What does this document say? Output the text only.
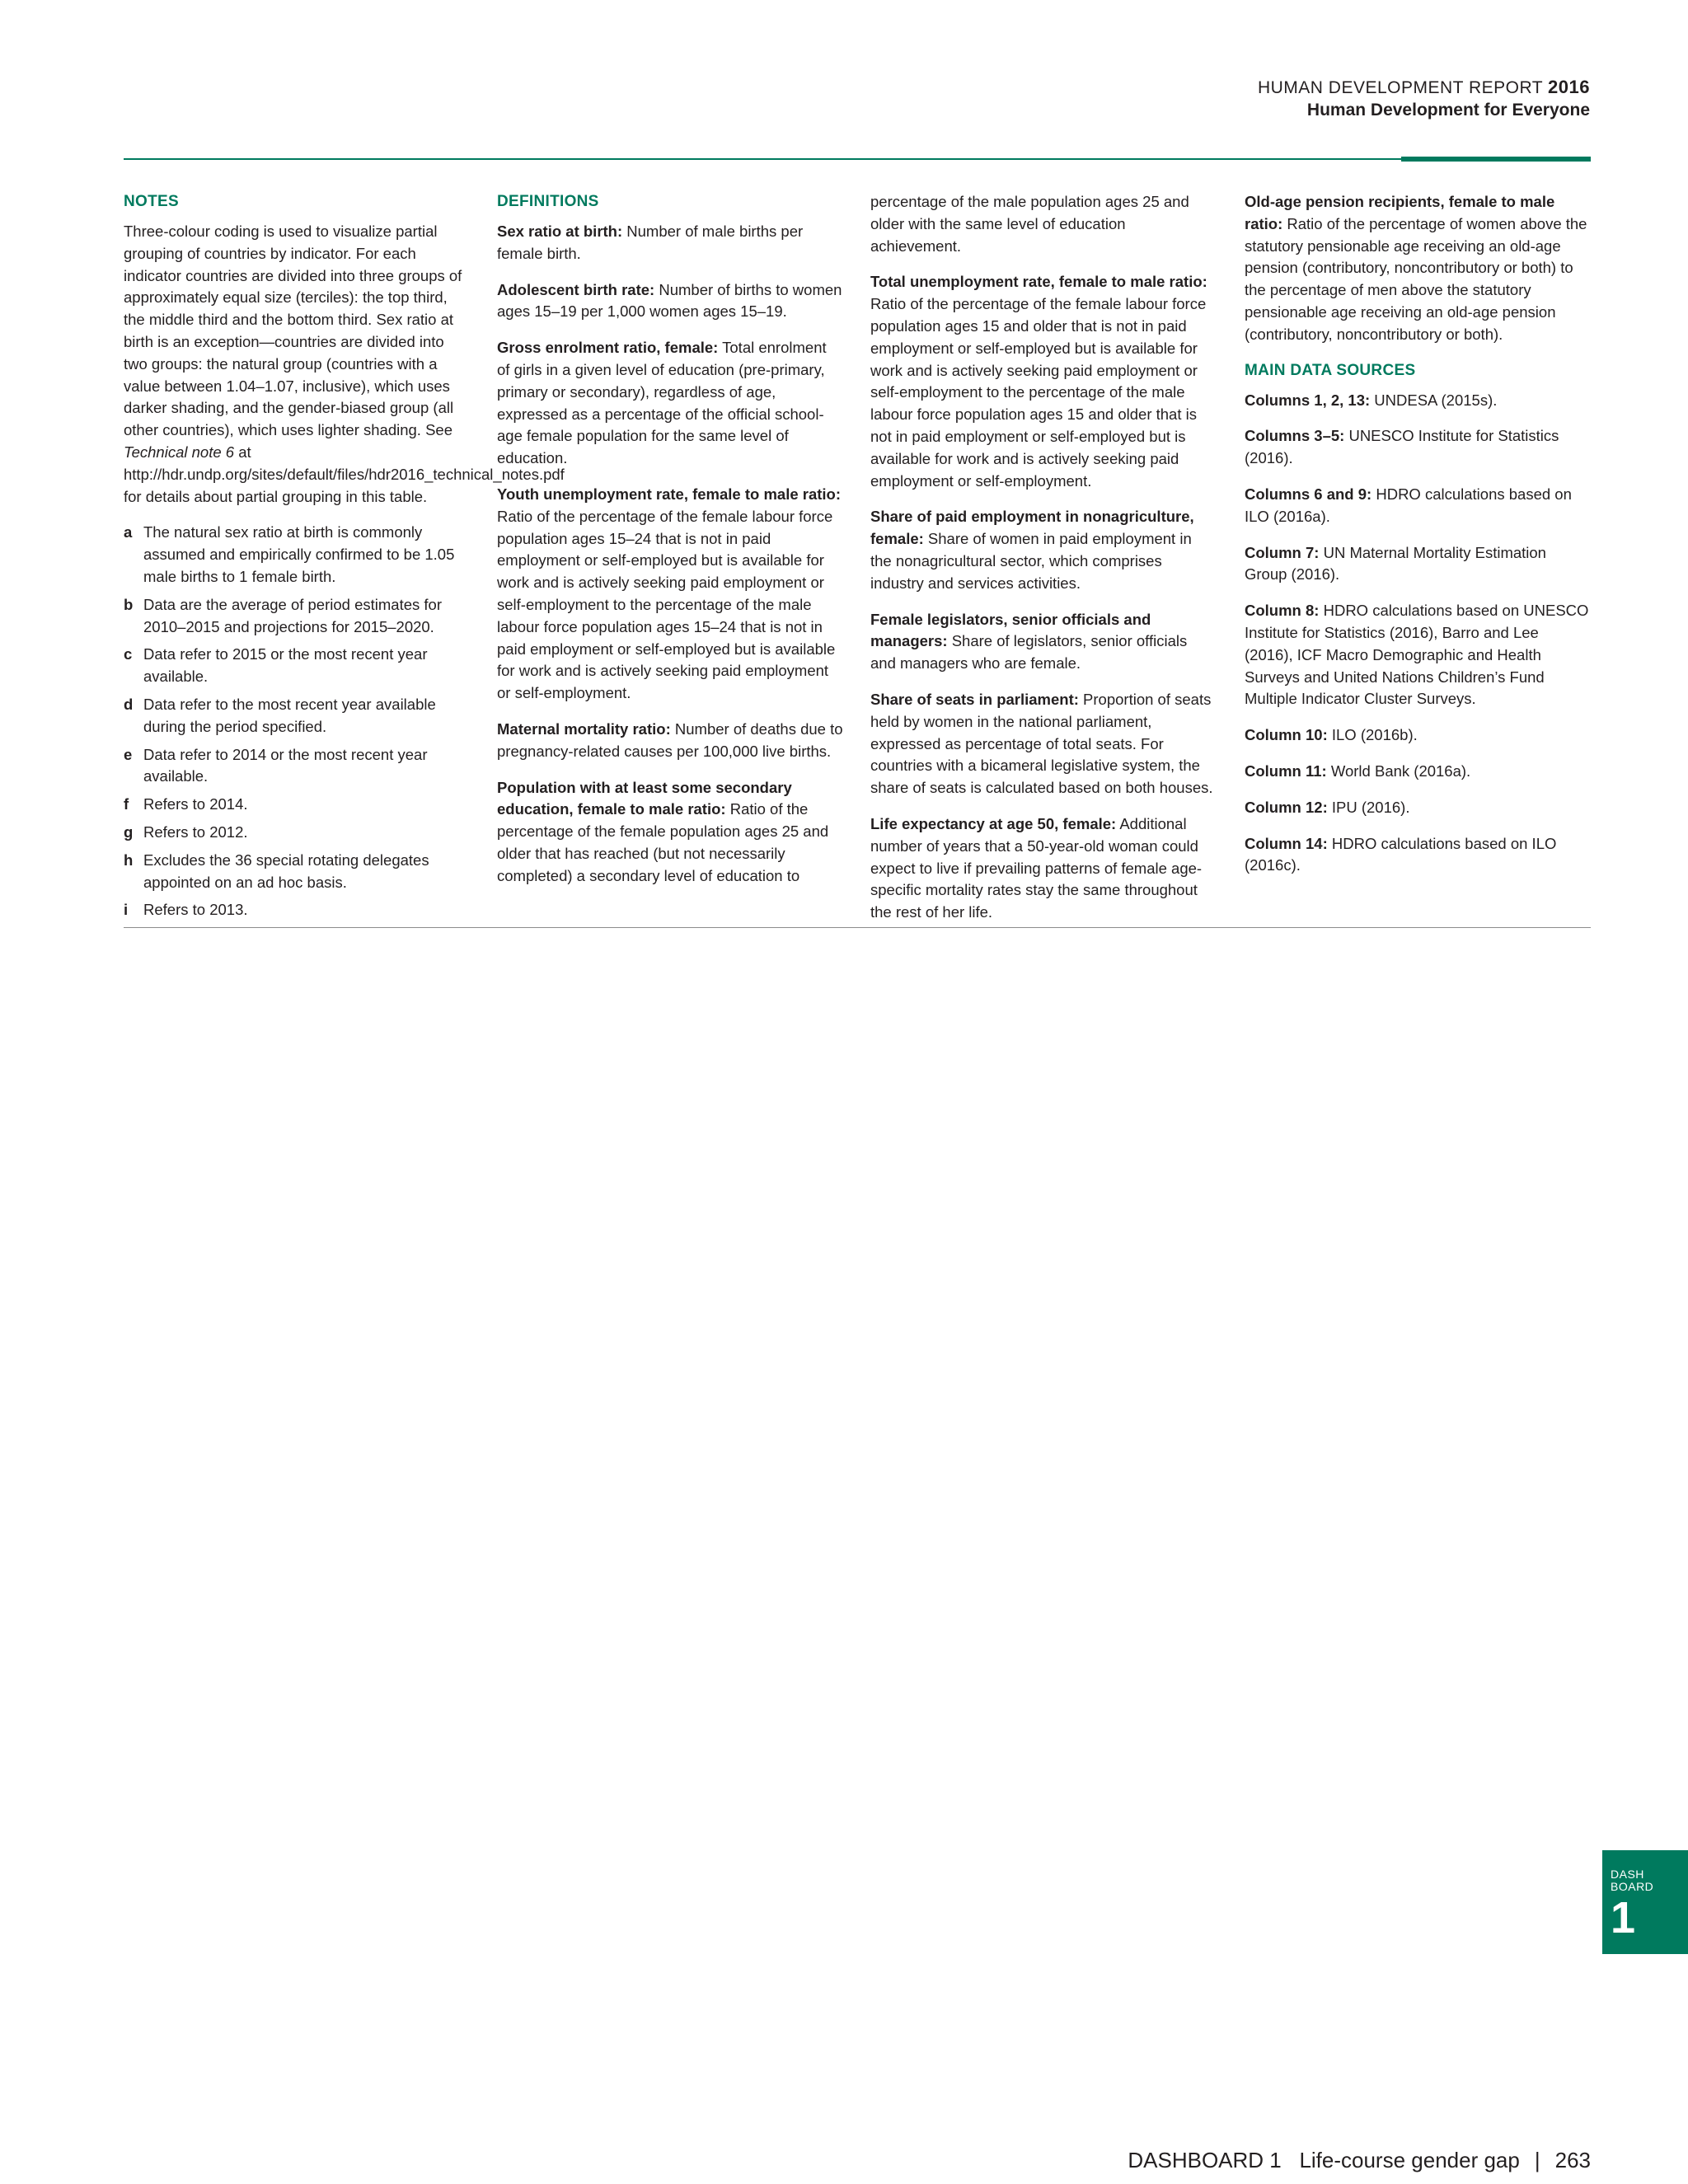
HUMAN DEVELOPMENT REPORT 2016
Human Development for Everyone
NOTES
Three-colour coding is used to visualize partial grouping of countries by indicator. For each indicator countries are divided into three groups of approximately equal size (terciles): the top third, the middle third and the bottom third. Sex ratio at birth is an exception—countries are divided into two groups: the natural group (countries with a value between 1.04–1.07, inclusive), which uses darker shading, and the gender-biased group (all other countries), which uses lighter shading. See Technical note 6 at http://hdr.undp.org/sites/default/files/hdr2016_technical_notes.pdf for details about partial grouping in this table.
a The natural sex ratio at birth is commonly assumed and empirically confirmed to be 1.05 male births to 1 female birth.
b Data are the average of period estimates for 2010–2015 and projections for 2015–2020.
c Data refer to 2015 or the most recent year available.
d Data refer to the most recent year available during the period specified.
e Data refer to 2014 or the most recent year available.
f Refers to 2014.
g Refers to 2012.
h Excludes the 36 special rotating delegates appointed on an ad hoc basis.
i	Refers to 2013.
DEFINITIONS
Sex ratio at birth: Number of male births per female birth.
Adolescent birth rate: Number of births to women ages 15–19 per 1,000 women ages 15–19.
Gross enrolment ratio, female: Total enrolment of girls in a given level of education (pre-primary, primary or secondary), regardless of age, expressed as a percentage of the official school-age female population for the same level of education.
Youth unemployment rate, female to male ratio: Ratio of the percentage of the female labour force population ages 15–24 that is not in paid employment or self-employed but is available for work and is actively seeking paid employment or self-employment to the percentage of the male labour force population ages 15–24 that is not in paid employment or self-employed but is available for work and is actively seeking paid employment or self-employment.
Maternal mortality ratio: Number of deaths due to pregnancy-related causes per 100,000 live births.
Population with at least some secondary education, female to male ratio: Ratio of the percentage of the female population ages 25 and older that has reached (but not necessarily completed) a secondary level of education to
percentage of the male population ages 25 and older with the same level of education achievement.
Total unemployment rate, female to male ratio: Ratio of the percentage of the female labour force population ages 15 and older that is not in paid employment or self-employed but is available for work and is actively seeking paid employment or self-employment to the percentage of the male labour force population ages 15 and older that is not in paid employment or self-employed but is available for work and is actively seeking paid employment or self-employment.
Share of paid employment in nonagriculture, female: Share of women in paid employment in the nonagricultural sector, which comprises industry and services activities.
Female legislators, senior officials and managers: Share of legislators, senior officials and managers who are female.
Share of seats in parliament: Proportion of seats held by women in the national parliament, expressed as percentage of total seats. For countries with a bicameral legislative system, the share of seats is calculated based on both houses.
Life expectancy at age 50, female: Additional number of years that a 50-year-old woman could expect to live if prevailing patterns of female age-specific mortality rates stay the same throughout the rest of her life.
Old-age pension recipients, female to male ratio: Ratio of the percentage of women above the statutory pensionable age receiving an old-age pension (contributory, noncontributory or both) to the percentage of men above the statutory pensionable age receiving an old-age pension (contributory, noncontributory or both).
MAIN DATA SOURCES
Columns 1, 2, 13: UNDESA (2015s).
Columns 3–5: UNESCO Institute for Statistics (2016).
Columns 6 and 9: HDRO calculations based on ILO (2016a).
Column 7: UN Maternal Mortality Estimation Group (2016).
Column 8: HDRO calculations based on UNESCO Institute for Statistics (2016), Barro and Lee (2016), ICF Macro Demographic and Health Surveys and United Nations Children’s Fund Multiple Indicator Cluster Surveys.
Column 10: ILO (2016b).
Column 11: World Bank (2016a).
Column 12: IPU (2016).
Column 14: HDRO calculations based on ILO (2016c).
DASH
BOARD
1
DASHBOARD 1 Life-course gender gap | 263
